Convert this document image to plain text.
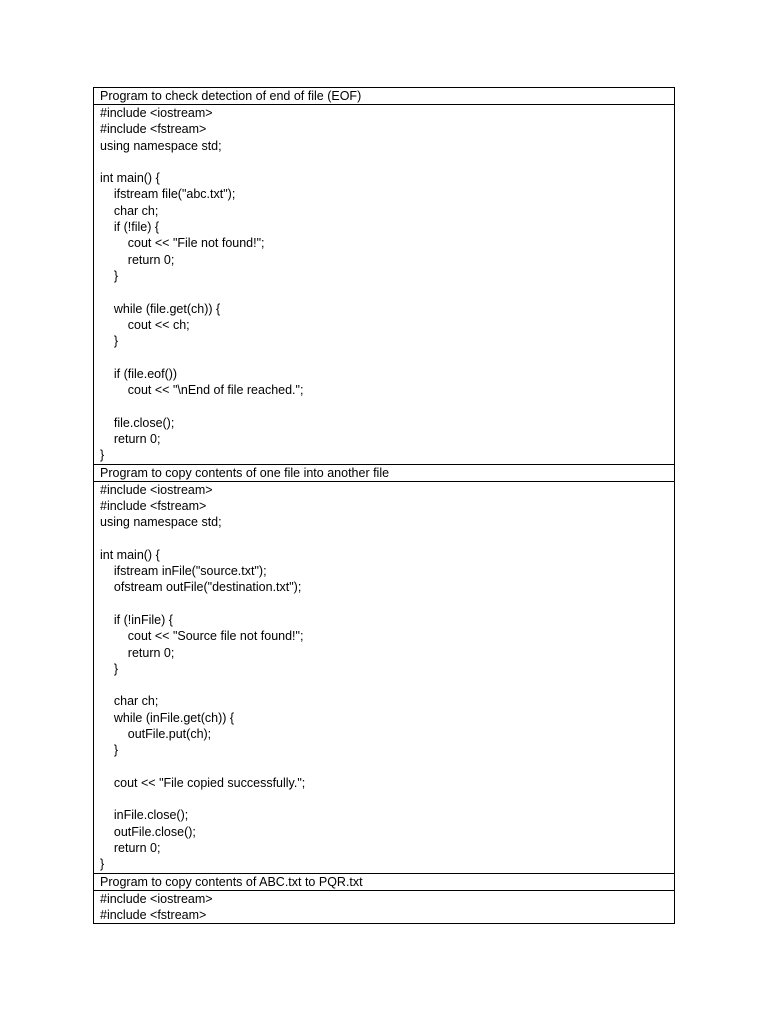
Program to check detection of end of file (EOF)
#include <iostream>
#include <fstream>
using namespace std;
int main() {
ifstream file("abc.txt");
char ch;
if (!file) {
cout << "File not found!";
return 0;
}
while (file.get(ch)) {
cout << ch;
}
if (file.eof())
cout << "\nEnd of file reached.";
file.close();
return 0;
}
Program to copy contents of one file into another file
#include <iostream>
#include <fstream>
using namespace std;
int main() {
ifstream inFile("source.txt");
ofstream outFile("destination.txt");
if (!inFile) {
cout << "Source file not found!";
return 0;
}
char ch;
while (inFile.get(ch)) {
outFile.put(ch);
}
cout << "File copied successfully.";
inFile.close();
outFile.close();
return 0;
}
Program to copy contents of ABC.txt to PQR.txt
#include <iostream>
#include <fstream>
